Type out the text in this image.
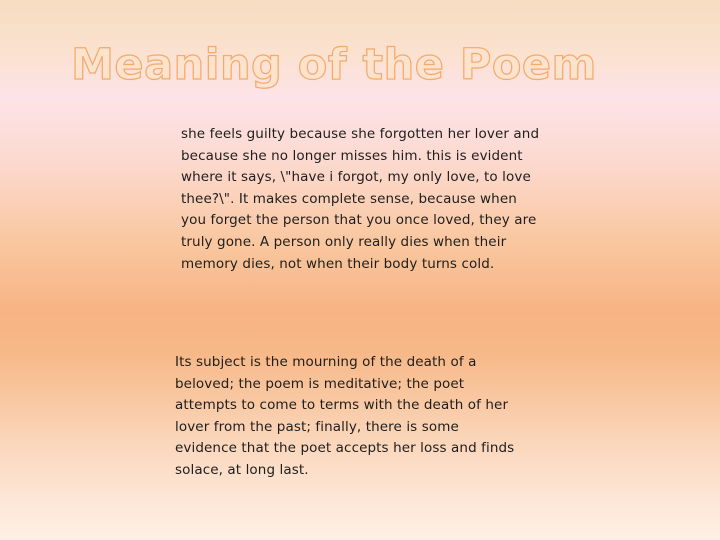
Meaning of the Poem

she feels guilty because she forgotten her lover and because she no longer misses him. this is evident where it says, \"have i forgot, my only love, to love thee?\". It makes complete sense, because when you forget the person that you once loved, they are truly gone. A person only really dies when their memory dies, not when their body turns cold.

Its subject is the mourning of the death of a beloved; the poem is meditative; the poet attempts to come to terms with the death of her lover from the past; finally, there is some evidence that the poet accepts her loss and finds solace, at long last.
